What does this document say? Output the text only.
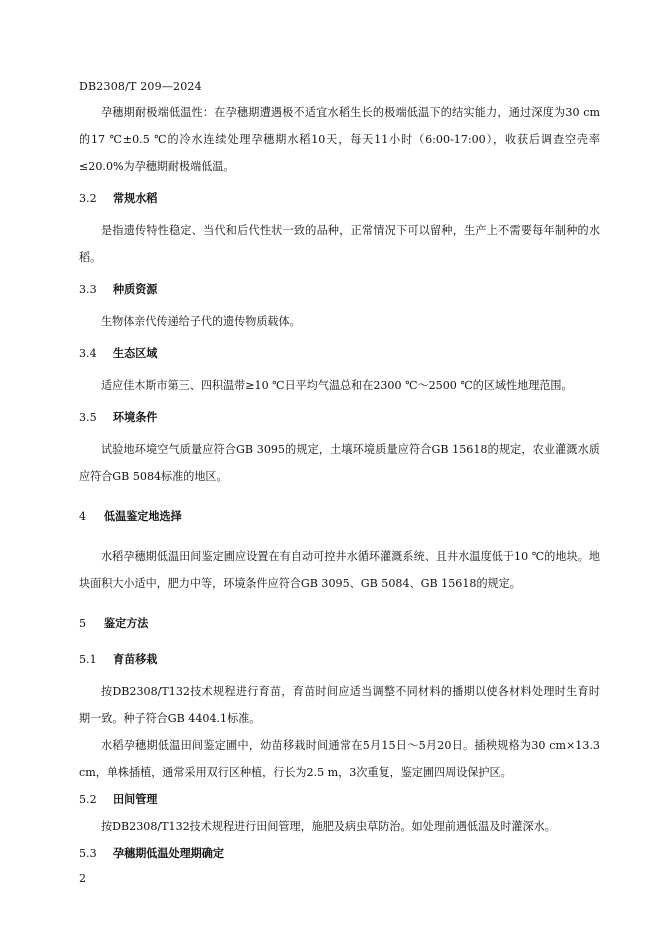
DB2308/T 209—2024

孕穗期耐极端低温性：在孕穗期遭遇极不适宜水稻生长的极端低温下的结实能力，通过深度为30 cm的17 ℃±0.5 ℃的冷水连续处理孕穗期水稻10天，每天11小时（6:00-17:00），收获后调查空壳率≤20.0%为孕穗期耐极端低温。

3.2 常规水稻

是指遗传特性稳定、当代和后代性状一致的品种，正常情况下可以留种，生产上不需要每年制种的水稻。

3.3 种质资源

生物体亲代传递给子代的遗传物质载体。

3.4 生态区域

适应佳木斯市第三、四积温带≥10 ℃日平均气温总和在2300 ℃～2500 ℃的区域性地理范围。

3.5 环境条件

试验地环境空气质量应符合GB 3095的规定，土壤环境质量应符合GB 15618的规定，农业灌溉水质应符合GB 5084标准的地区。

4 低温鉴定地选择

水稻孕穗期低温田间鉴定圃应设置在有自动可控井水循环灌溉系统、且井水温度低于10 ℃的地块。地块面积大小适中，肥力中等，环境条件应符合GB 3095、GB 5084、GB 15618的规定。

5 鉴定方法

5.1 育苗移栽

按DB2308/T132技术规程进行育苗，育苗时间应适当调整不同材料的播期以使各材料处理时生育时期一致。种子符合GB 4404.1标准。

水稻孕穗期低温田间鉴定圃中，幼苗移栽时间通常在5月15日～5月20日。插秧规格为30 cm×13.3 cm，单株插植，通常采用双行区种植，行长为2.5 m，3次重复，鉴定圃四周设保护区。

5.2 田间管理

按DB2308/T132技术规程进行田间管理，施肥及病虫草防治。如处理前遇低温及时灌深水。

5.3 孕穗期低温处理期确定

2
